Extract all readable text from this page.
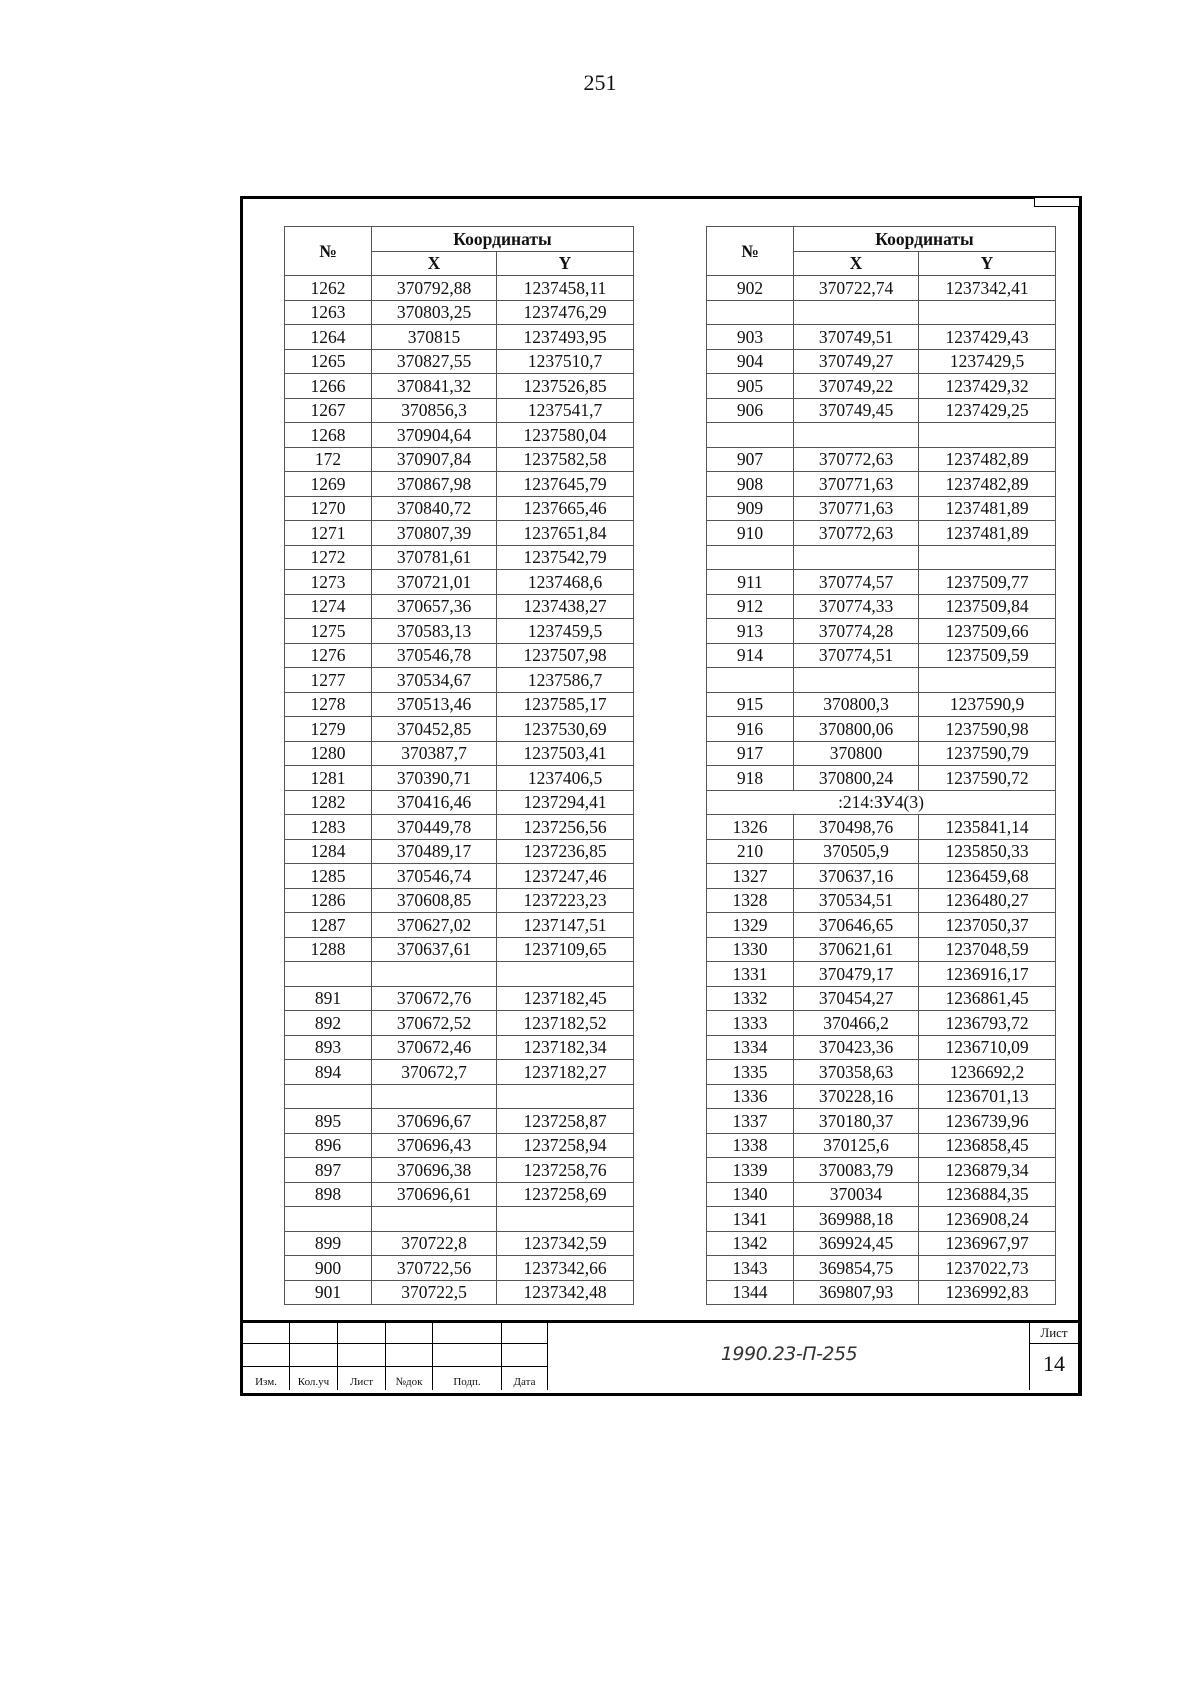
251
№	Координаты	
	X	Y
1262	370792,88	1237458,11
1263	370803,25	1237476,29
1264	370815	1237493,95
1265	370827,55	1237510,7
1266	370841,32	1237526,85
1267	370856,3	1237541,7
1268	370904,64	1237580,04
172	370907,84	1237582,58
1269	370867,98	1237645,79
1270	370840,72	1237665,46
1271	370807,39	1237651,84
1272	370781,61	1237542,79
1273	370721,01	1237468,6
1274	370657,36	1237438,27
1275	370583,13	1237459,5
1276	370546,78	1237507,98
1277	370534,67	1237586,7
1278	370513,46	1237585,17
1279	370452,85	1237530,69
1280	370387,7	1237503,41
1281	370390,71	1237406,5
1282	370416,46	1237294,41
1283	370449,78	1237256,56
1284	370489,17	1237236,85
1285	370546,74	1237247,46
1286	370608,85	1237223,23
1287	370627,02	1237147,51
1288	370637,61	1237109,65

891	370672,76	1237182,45
892	370672,52	1237182,52
893	370672,46	1237182,34
894	370672,7	1237182,27

895	370696,67	1237258,87
896	370696,43	1237258,94
897	370696,38	1237258,76
898	370696,61	1237258,69

899	370722,8	1237342,59
900	370722,56	1237342,66
901	370722,5	1237342,48
№	Координаты	
	X	Y
902	370722,74	1237342,41

903	370749,51	1237429,43
904	370749,27	1237429,5
905	370749,22	1237429,32
906	370749,45	1237429,25

907	370772,63	1237482,89
908	370771,63	1237482,89
909	370771,63	1237481,89
910	370772,63	1237481,89

911	370774,57	1237509,77
912	370774,33	1237509,84
913	370774,28	1237509,66
914	370774,51	1237509,59

915	370800,3	1237590,9
916	370800,06	1237590,98
917	370800	1237590,79
918	370800,24	1237590,72
:214:ЗУ4(3)		
1326	370498,76	1235841,14
210	370505,9	1235850,33
1327	370637,16	1236459,68
1328	370534,51	1236480,27
1329	370646,65	1237050,37
1330	370621,61	1237048,59
1331	370479,17	1236916,17
1332	370454,27	1236861,45
1333	370466,2	1236793,72
1334	370423,36	1236710,09
1335	370358,63	1236692,2
1336	370228,16	1236701,13
1337	370180,37	1236739,96
1338	370125,6	1236858,45
1339	370083,79	1236879,34
1340	370034	1236884,35
1341	369988,18	1236908,24
1342	369924,45	1236967,97
1343	369854,75	1237022,73
1344	369807,93	1236992,83
Изм.	Кол.уч	Лист	№док	Подп.	Дата
1990.23-П-255
Лист
14
